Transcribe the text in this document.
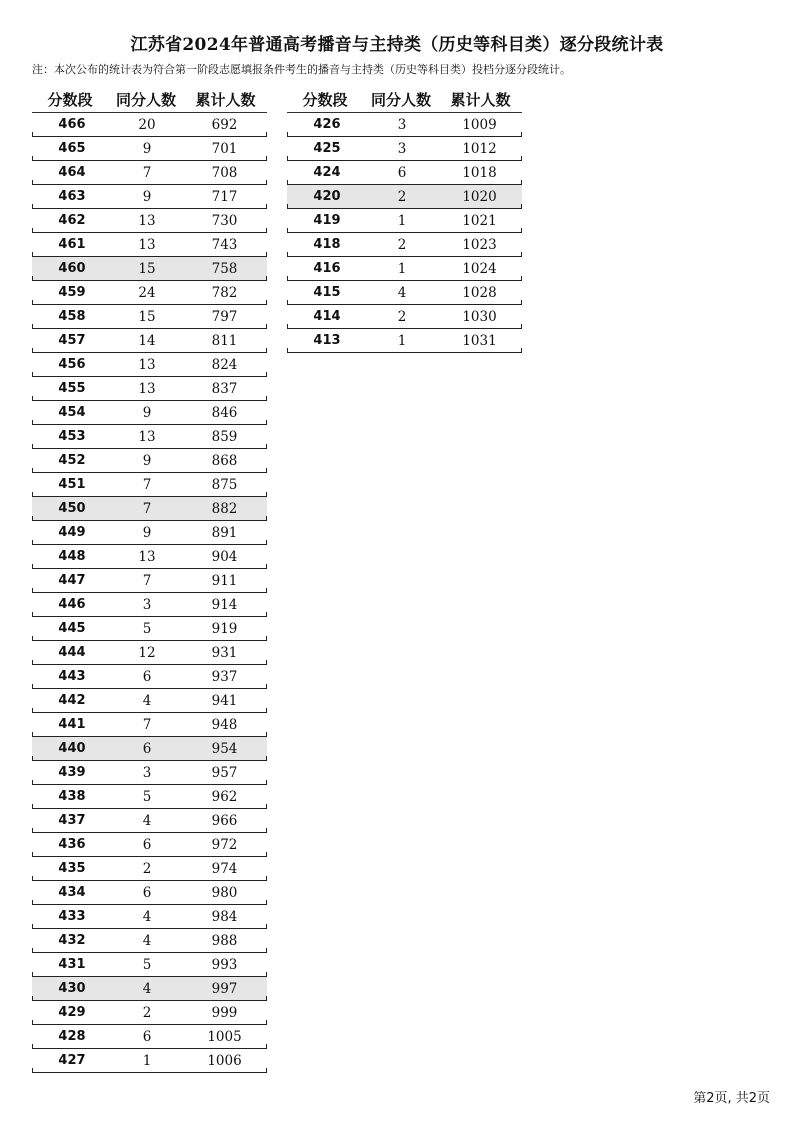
江苏省2024年普通高考播音与主持类（历史等科目类）逐分段统计表
注：本次公布的统计表为符合第一阶段志愿填报条件考生的播音与主持类（历史等科目类）投档分逐分段统计。
分数段	同分人数	累计人数
466	20	692
465	9	701
464	7	708
463	9	717
462	13	730
461	13	743
460	15	758
459	24	782
458	15	797
457	14	811
456	13	824
455	13	837
454	9	846
453	13	859
452	9	868
451	7	875
450	7	882
449	9	891
448	13	904
447	7	911
446	3	914
445	5	919
444	12	931
443	6	937
442	4	941
441	7	948
440	6	954
439	3	957
438	5	962
437	4	966
436	6	972
435	2	974
434	6	980
433	4	984
432	4	988
431	5	993
430	4	997
429	2	999
428	6	1005
427	1	1006
分数段	同分人数	累计人数
426	3	1009
425	3	1012
424	6	1018
420	2	1020
419	1	1021
418	2	1023
416	1	1024
415	4	1028
414	2	1030
413	1	1031
第2页, 共2页
